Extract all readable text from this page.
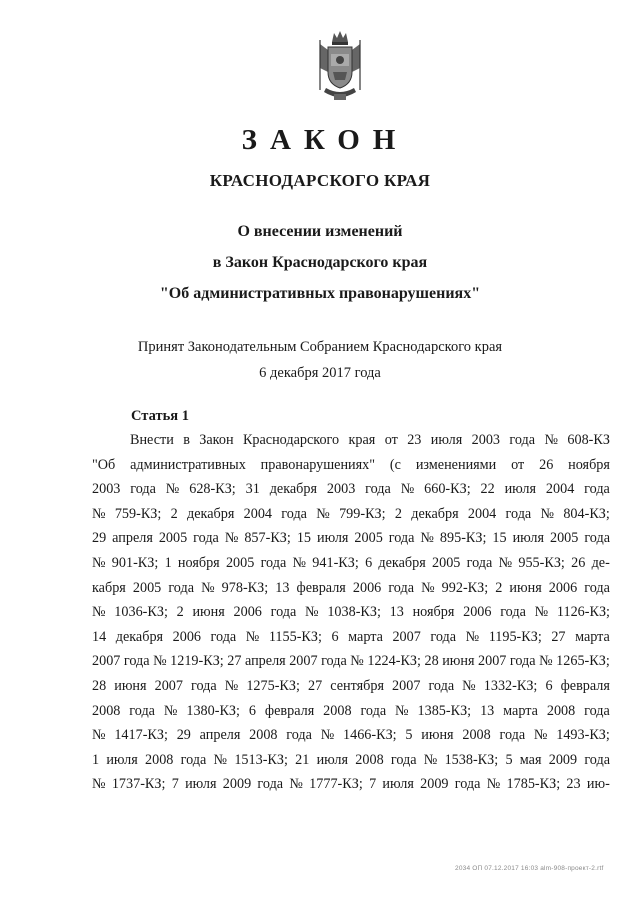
ЗАКОН
КРАСНОДАРСКОГО КРАЯ
О внесении изменений
в Закон Краснодарского края
"Об административных правонарушениях"
Принят Законодательным Собранием Краснодарского края
6 декабря 2017 года
Статья 1
Внести в Закон Краснодарского края от 23 июля 2003 года № 608-КЗ
"Об административных правонарушениях" (с изменениями от 26 ноября
2003 года № 628-КЗ; 31 декабря 2003 года № 660-КЗ; 22 июля 2004 года
№ 759-КЗ; 2 декабря 2004 года № 799-КЗ; 2 декабря 2004 года № 804-КЗ;
29 апреля 2005 года № 857-КЗ; 15 июля 2005 года № 895-КЗ; 15 июля 2005 года
№ 901-КЗ; 1 ноября 2005 года № 941-КЗ; 6 декабря 2005 года № 955-КЗ; 26 де-
кабря 2005 года № 978-КЗ; 13 февраля 2006 года № 992-КЗ; 2 июня 2006 года
№ 1036-КЗ; 2 июня 2006 года № 1038-КЗ; 13 ноября 2006 года № 1126-КЗ;
14 декабря 2006 года № 1155-КЗ; 6 марта 2007 года № 1195-КЗ; 27 марта
2007 года № 1219-КЗ; 27 апреля 2007 года № 1224-КЗ; 28 июня 2007 года № 1265-КЗ;
28 июня 2007 года № 1275-КЗ; 27 сентября 2007 года № 1332-КЗ; 6 февраля
2008 года № 1380-КЗ; 6 февраля 2008 года № 1385-КЗ; 13 марта 2008 года
№ 1417-КЗ; 29 апреля 2008 года № 1466-КЗ; 5 июня 2008 года № 1493-КЗ;
1 июля 2008 года № 1513-КЗ; 21 июля 2008 года № 1538-КЗ; 5 мая 2009 года
№ 1737-КЗ; 7 июля 2009 года № 1777-КЗ; 7 июля 2009 года № 1785-КЗ; 23 ию-
2034 ОП 07.12.2017 16:03 alm-908-проект-2.rtf
